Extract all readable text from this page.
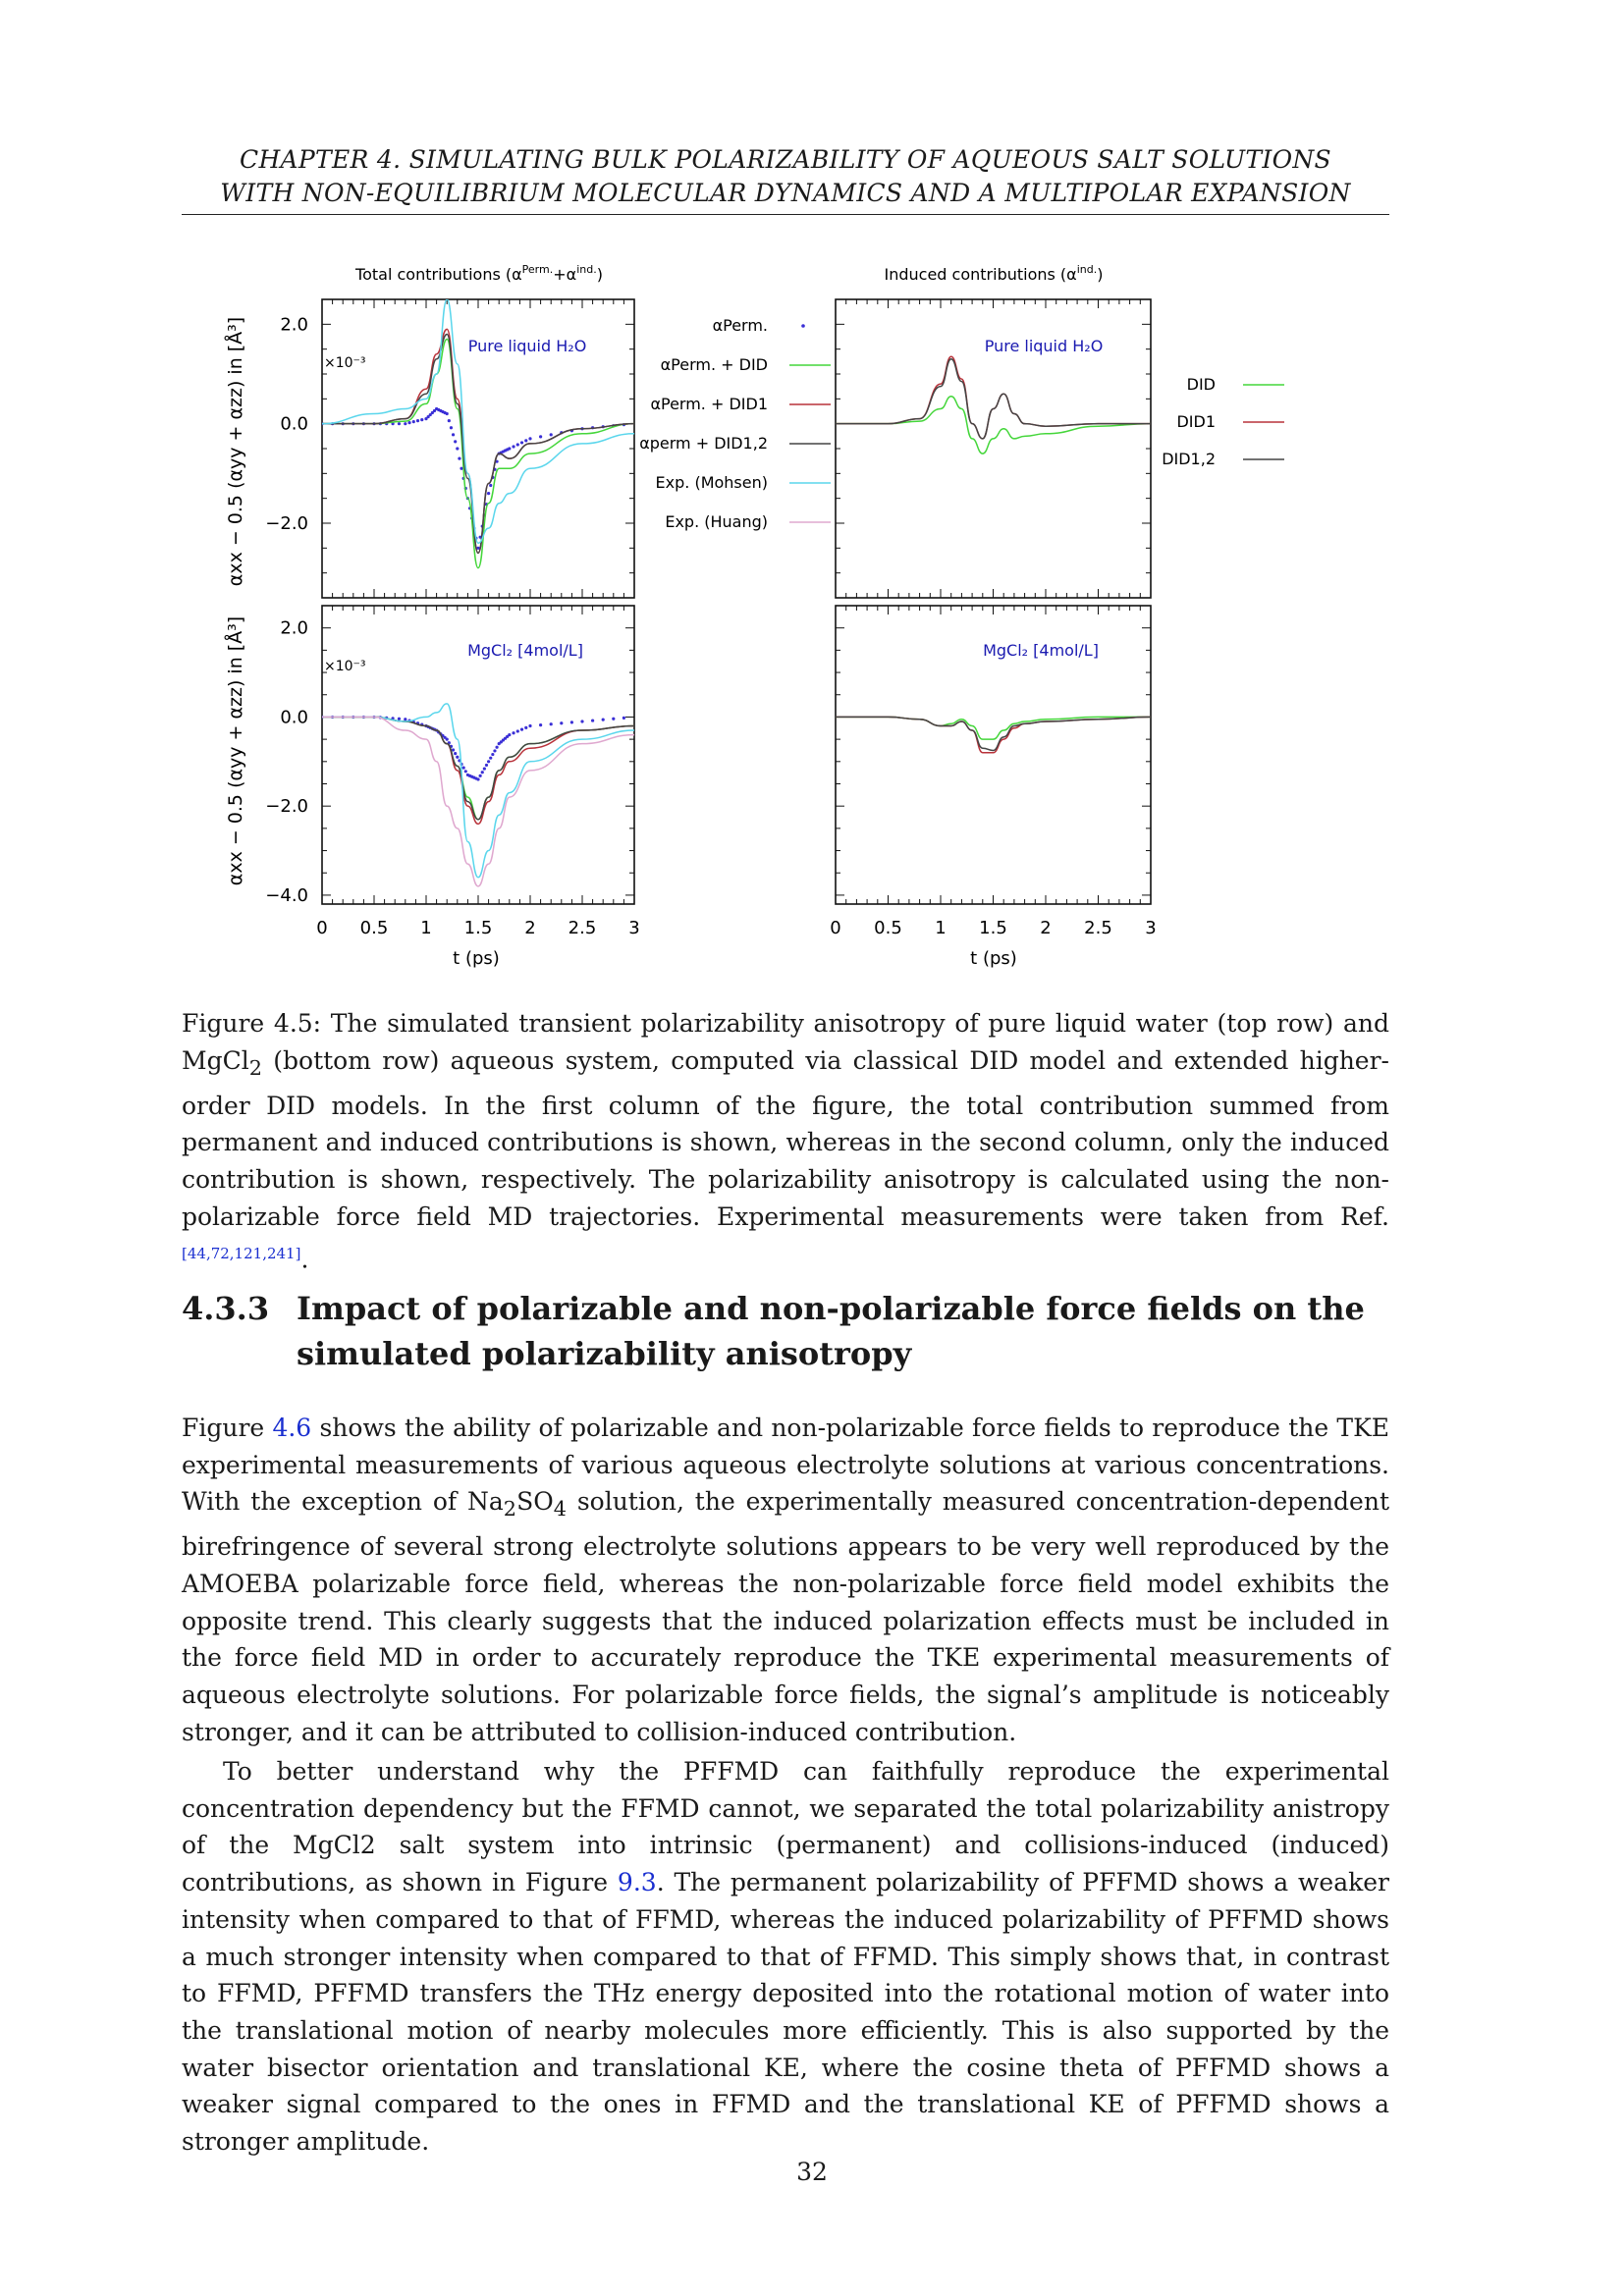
CHAPTER 4. SIMULATING BULK POLARIZABILITY OF AQUEOUS SALT SOLUTIONS
WITH NON-EQUILIBRIUM MOLECULAR DYNAMICS AND A MULTIPOLAR EXPANSION
Total contributions $(\alpha^{Perm.}+\alpha^{ind.})$	Induced contributions $(\alpha^{ind.})$
αxx − 0.5 (αyy + αzz) in [Å³]
αxx − 0.5 (αyy + αzz) in [Å³]
×10⁻³
×10⁻³
Pure liquid H₂O	Pure liquid H₂O
MgCl₂ [4mol/L]	MgCl₂ [4mol/L]
t (ps)	t (ps)
2.0
0.0
−2.0
2.0
0.0
−2.0
−4.0
0 0.5 1 1.5 2 2.5 3	0 0.5 1 1.5 2 2.5 3
αPerm.
αPerm. + DID
αPerm. + DID1
αperm + DID1,2
Exp. (Mohsen)
Exp. (Huang)
DID
DID1
DID1,2
Figure 4.5: The simulated transient polarizability anisotropy of pure liquid water (top row) and MgCl$_2$ (bottom row) aqueous system, computed via classical DID model and extended higher-order DID models. In the first column of the figure, the total contribution summed from permanent and induced contributions is shown, whereas in the second column, only the induced contribution is shown, respectively. The polarizability anisotropy is calculated using the non-polarizable force field MD trajectories. Experimental measurements were taken from Ref.[44,72,121,241].
4.3.3 Impact of polarizable and non-polarizable force fields on the simulated polarizability anisotropy
Figure 4.6 shows the ability of polarizable and non-polarizable force fields to reproduce the TKE experimental measurements of various aqueous electrolyte solutions at various concentrations. With the exception of $Na_2SO_4$ solution, the experimentally measured concentration-dependent birefringence of several strong electrolyte solutions appears to be very well reproduced by the AMOEBA polarizable force field, whereas the non-polarizable force field model exhibits the opposite trend. This clearly suggests that the induced polarization effects must be included in the force field MD in order to accurately reproduce the TKE experimental measurements of aqueous electrolyte solutions. For polarizable force fields, the signal’s amplitude is noticeably stronger, and it can be attributed to collision-induced contribution.
To better understand why the PFFMD can faithfully reproduce the experimental concentration dependency but the FFMD cannot, we separated the total polarizability anistropy of the MgCl2 salt system into intrinsic (permanent) and collisions-induced (induced) contributions, as shown in Figure 9.3. The permanent polarizability of PFFMD shows a weaker intensity when compared to that of FFMD, whereas the induced polarizability of PFFMD shows a much stronger intensity when compared to that of FFMD. This simply shows that, in contrast to FFMD, PFFMD transfers the THz energy deposited into the rotational motion of water into the translational motion of nearby molecules more efficiently. This is also supported by the water bisector orientation and translational KE, where the cosine theta of PFFMD shows a weaker signal compared to the ones in FFMD and the translational KE of PFFMD shows a stronger amplitude.
32
